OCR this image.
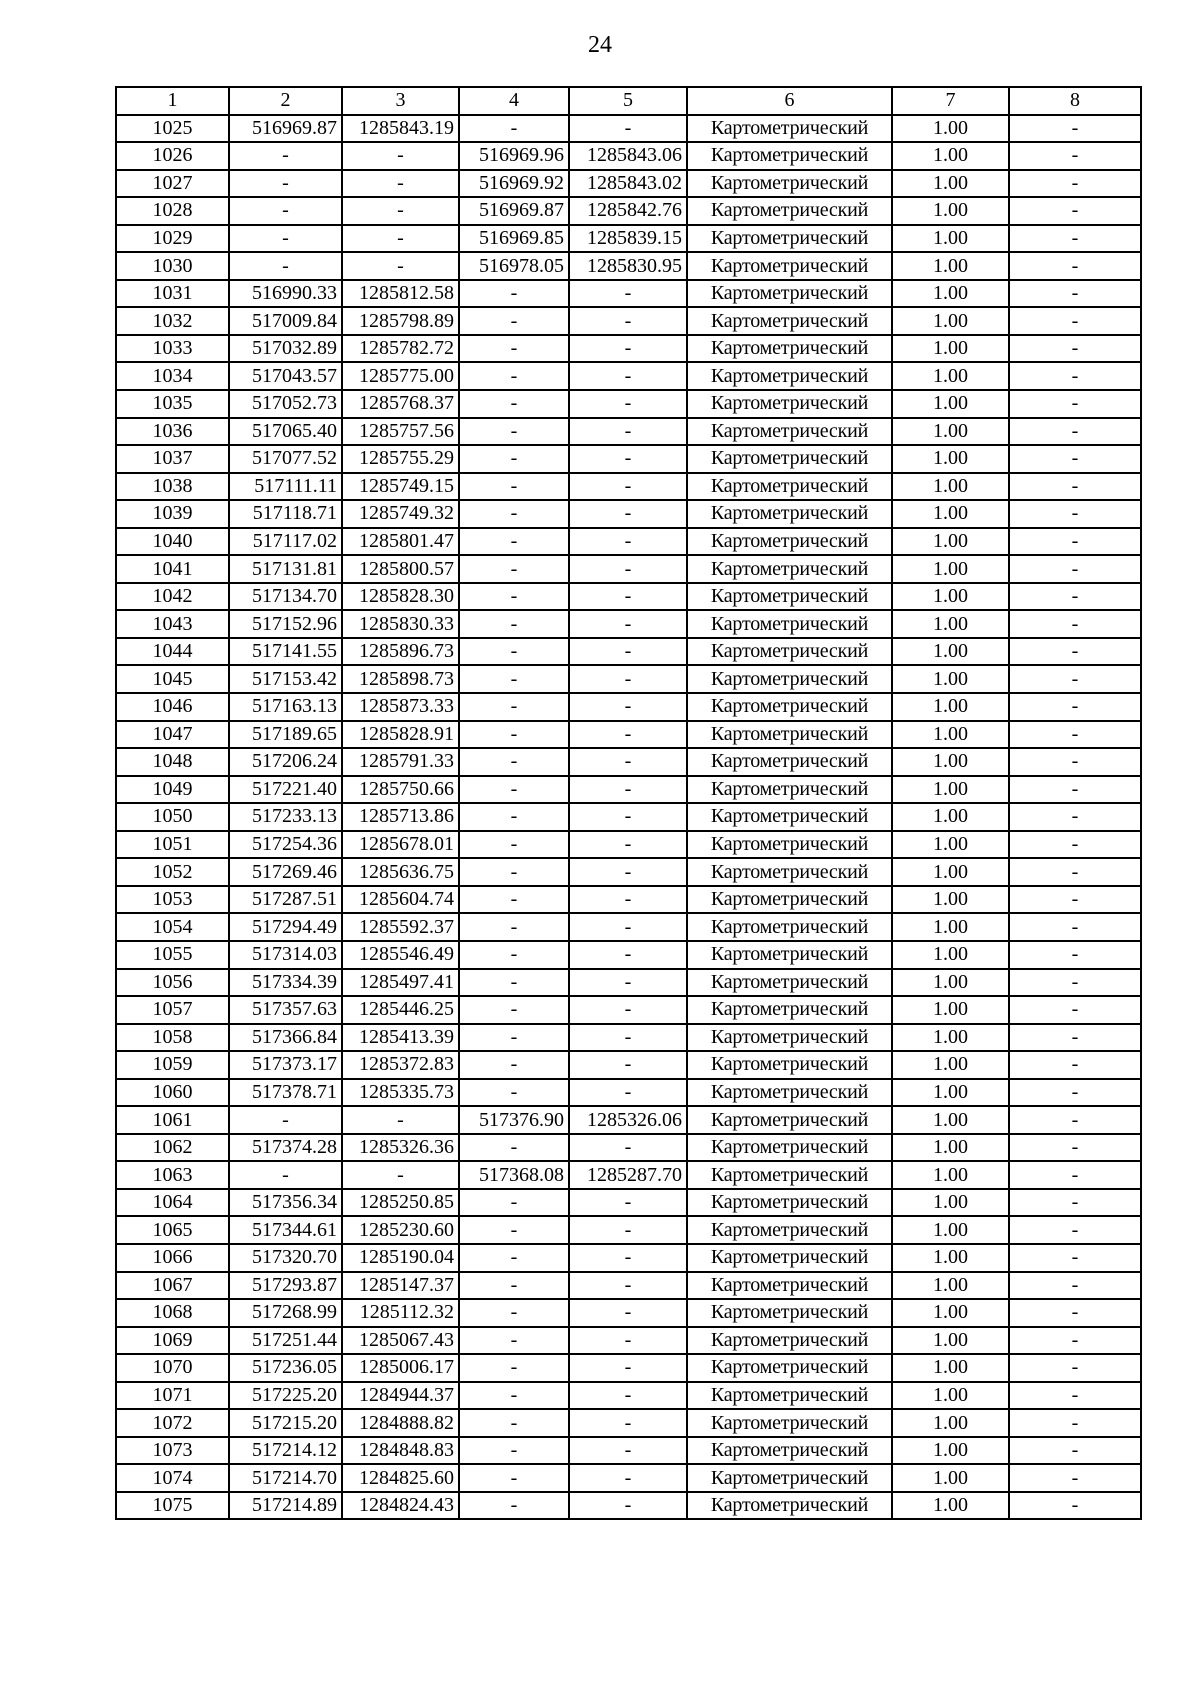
24
1	2	3	4	5	6	7	8
1025	516969.87	1285843.19	-	-	Картометрический	1.00	-
1026	-	-	516969.96	1285843.06	Картометрический	1.00	-
1027	-	-	516969.92	1285843.02	Картометрический	1.00	-
1028	-	-	516969.87	1285842.76	Картометрический	1.00	-
1029	-	-	516969.85	1285839.15	Картометрический	1.00	-
1030	-	-	516978.05	1285830.95	Картометрический	1.00	-
1031	516990.33	1285812.58	-	-	Картометрический	1.00	-
1032	517009.84	1285798.89	-	-	Картометрический	1.00	-
1033	517032.89	1285782.72	-	-	Картометрический	1.00	-
1034	517043.57	1285775.00	-	-	Картометрический	1.00	-
1035	517052.73	1285768.37	-	-	Картометрический	1.00	-
1036	517065.40	1285757.56	-	-	Картометрический	1.00	-
1037	517077.52	1285755.29	-	-	Картометрический	1.00	-
1038	517111.11	1285749.15	-	-	Картометрический	1.00	-
1039	517118.71	1285749.32	-	-	Картометрический	1.00	-
1040	517117.02	1285801.47	-	-	Картометрический	1.00	-
1041	517131.81	1285800.57	-	-	Картометрический	1.00	-
1042	517134.70	1285828.30	-	-	Картометрический	1.00	-
1043	517152.96	1285830.33	-	-	Картометрический	1.00	-
1044	517141.55	1285896.73	-	-	Картометрический	1.00	-
1045	517153.42	1285898.73	-	-	Картометрический	1.00	-
1046	517163.13	1285873.33	-	-	Картометрический	1.00	-
1047	517189.65	1285828.91	-	-	Картометрический	1.00	-
1048	517206.24	1285791.33	-	-	Картометрический	1.00	-
1049	517221.40	1285750.66	-	-	Картометрический	1.00	-
1050	517233.13	1285713.86	-	-	Картометрический	1.00	-
1051	517254.36	1285678.01	-	-	Картометрический	1.00	-
1052	517269.46	1285636.75	-	-	Картометрический	1.00	-
1053	517287.51	1285604.74	-	-	Картометрический	1.00	-
1054	517294.49	1285592.37	-	-	Картометрический	1.00	-
1055	517314.03	1285546.49	-	-	Картометрический	1.00	-
1056	517334.39	1285497.41	-	-	Картометрический	1.00	-
1057	517357.63	1285446.25	-	-	Картометрический	1.00	-
1058	517366.84	1285413.39	-	-	Картометрический	1.00	-
1059	517373.17	1285372.83	-	-	Картометрический	1.00	-
1060	517378.71	1285335.73	-	-	Картометрический	1.00	-
1061	-	-	517376.90	1285326.06	Картометрический	1.00	-
1062	517374.28	1285326.36	-	-	Картометрический	1.00	-
1063	-	-	517368.08	1285287.70	Картометрический	1.00	-
1064	517356.34	1285250.85	-	-	Картометрический	1.00	-
1065	517344.61	1285230.60	-	-	Картометрический	1.00	-
1066	517320.70	1285190.04	-	-	Картометрический	1.00	-
1067	517293.87	1285147.37	-	-	Картометрический	1.00	-
1068	517268.99	1285112.32	-	-	Картометрический	1.00	-
1069	517251.44	1285067.43	-	-	Картометрический	1.00	-
1070	517236.05	1285006.17	-	-	Картометрический	1.00	-
1071	517225.20	1284944.37	-	-	Картометрический	1.00	-
1072	517215.20	1284888.82	-	-	Картометрический	1.00	-
1073	517214.12	1284848.83	-	-	Картометрический	1.00	-
1074	517214.70	1284825.60	-	-	Картометрический	1.00	-
1075	517214.89	1284824.43	-	-	Картометрический	1.00	-
